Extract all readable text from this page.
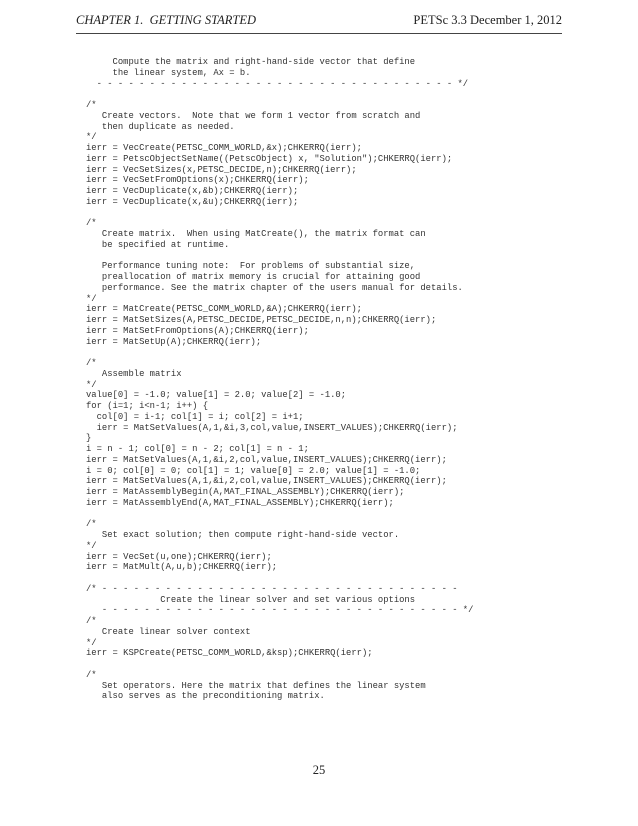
CHAPTER 1.  GETTING STARTED	PETSc 3.3 December 1, 2012
Compute the matrix and right-hand-side vector that define
the linear system, Ax = b.
- - - - - - - - - - - - - - - - - - - - - - - - - - - - - - - - - - */
/*
Create vectors.  Note that we form 1 vector from scratch and
then duplicate as needed.
*/
ierr = VecCreate(PETSC_COMM_WORLD,&x);CHKERRQ(ierr);
ierr = PetscObjectSetName((PetscObject) x, "Solution");CHKERRQ(ierr);
ierr = VecSetSizes(x,PETSC_DECIDE,n);CHKERRQ(ierr);
ierr = VecSetFromOptions(x);CHKERRQ(ierr);
ierr = VecDuplicate(x,&b);CHKERRQ(ierr);
ierr = VecDuplicate(x,&u);CHKERRQ(ierr);
/*
Create matrix.  When using MatCreate(), the matrix format can
be specified at runtime.
Performance tuning note:  For problems of substantial size,
preallocation of matrix memory is crucial for attaining good
performance. See the matrix chapter of the users manual for details.
*/
ierr = MatCreate(PETSC_COMM_WORLD,&A);CHKERRQ(ierr);
ierr = MatSetSizes(A,PETSC_DECIDE,PETSC_DECIDE,n,n);CHKERRQ(ierr);
ierr = MatSetFromOptions(A);CHKERRQ(ierr);
ierr = MatSetUp(A);CHKERRQ(ierr);
/*
Assemble matrix
*/
value[0] = -1.0; value[1] = 2.0; value[2] = -1.0;
for (i=1; i<n-1; i++) {
col[0] = i-1; col[1] = i; col[2] = i+1;
ierr = MatSetValues(A,1,&i,3,col,value,INSERT_VALUES);CHKERRQ(ierr);
}
i = n - 1; col[0] = n - 2; col[1] = n - 1;
ierr = MatSetValues(A,1,&i,2,col,value,INSERT_VALUES);CHKERRQ(ierr);
i = 0; col[0] = 0; col[1] = 1; value[0] = 2.0; value[1] = -1.0;
ierr = MatSetValues(A,1,&i,2,col,value,INSERT_VALUES);CHKERRQ(ierr);
ierr = MatAssemblyBegin(A,MAT_FINAL_ASSEMBLY);CHKERRQ(ierr);
ierr = MatAssemblyEnd(A,MAT_FINAL_ASSEMBLY);CHKERRQ(ierr);
/*
Set exact solution; then compute right-hand-side vector.
*/
ierr = VecSet(u,one);CHKERRQ(ierr);
ierr = MatMult(A,u,b);CHKERRQ(ierr);
/* - - - - - - - - - - - - - - - - - - - - - - - - - - - - - - - - - -
Create the linear solver and set various options
- - - - - - - - - - - - - - - - - - - - - - - - - - - - - - - - - - */
/*
Create linear solver context
*/
ierr = KSPCreate(PETSC_COMM_WORLD,&ksp);CHKERRQ(ierr);
/*
Set operators. Here the matrix that defines the linear system
also serves as the preconditioning matrix.
25
